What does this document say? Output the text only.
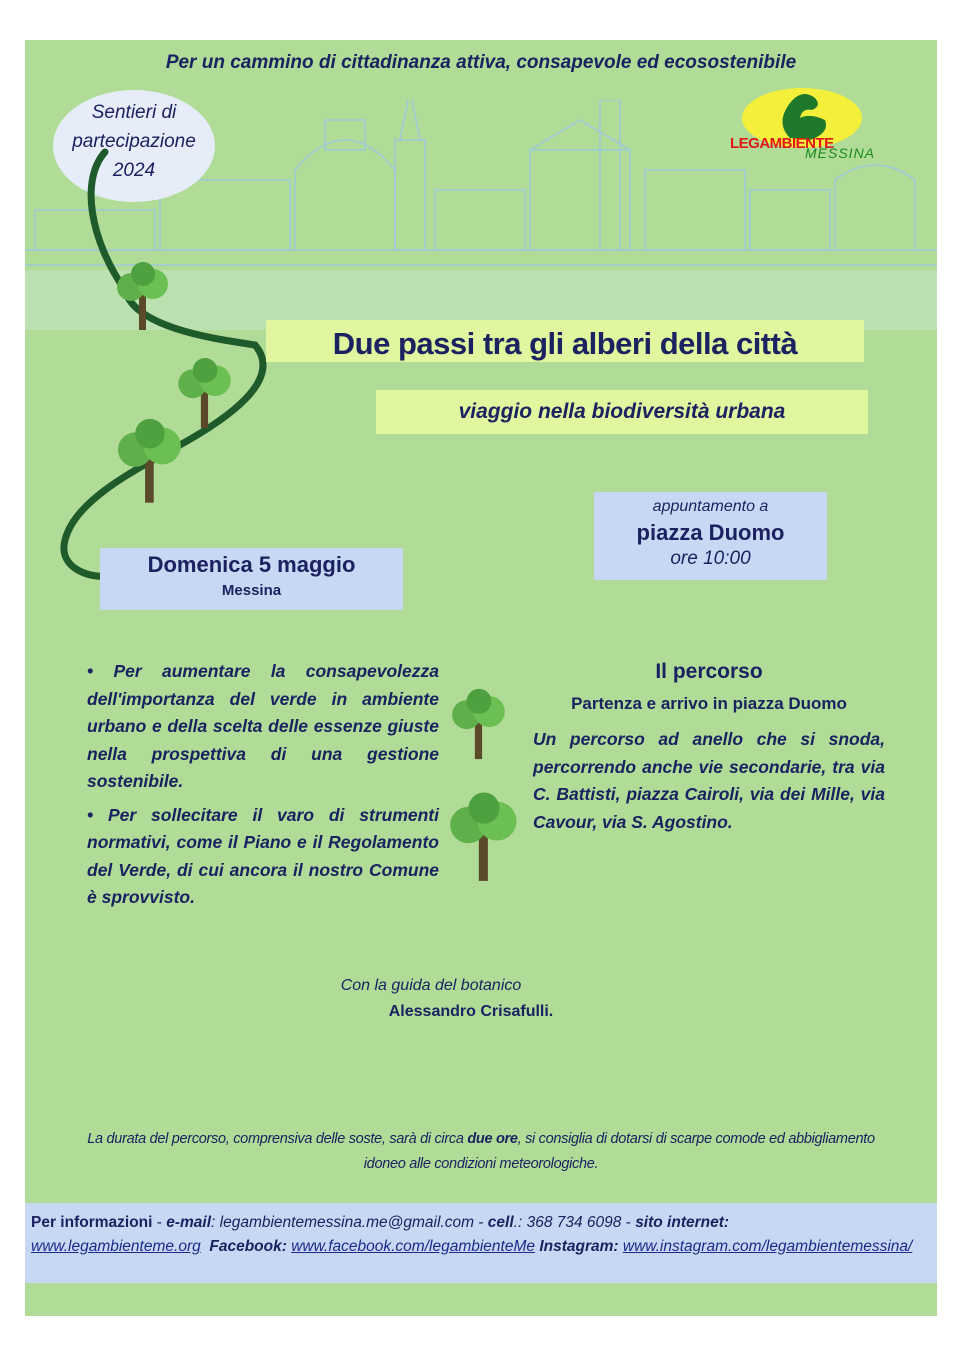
Per un cammino di cittadinanza attiva, consapevole ed ecosostenibile
Sentieri di
partecipazione
2024
LEGAMBIENTE
MESSINA
Due passi tra gli alberi della città
viaggio nella biodiversità urbana
appuntamento a
piazza Duomo
ore 10:00
Domenica 5 maggio
Messina

• Per aumentare la consapevolezza dell'importanza del verde in ambiente urbano e della scelta delle essenze giuste nella prospettiva di una gestione sostenibile.

• Per sollecitare il varo di strumenti normativi, come il Piano e il Regolamento del Verde, di cui ancora il nostro Comune è sprovvisto.

Il percorso
Partenza e arrivo in piazza Duomo
Un percorso ad anello che si snoda, percorrendo anche vie secondarie, tra via C. Battisti, piazza Cairoli, via dei Mille, via Cavour, via S. Agostino.
Con la guida del botanico
Alessandro Crisafulli.
La durata del percorso, comprensiva delle soste, sarà di circa due ore, si consiglia di dotarsi di scarpe comode ed abbigliamento idoneo alle condizioni meteorologiche.
Per informazioni - e-mail: legambientemessina.me@gmail.com - cell.: 368 734 6098 - sito internet:
www.legambienteme.org Facebook: www.facebook.com/legambienteMe Instagram: www.instagram.com/legambientemessina/
